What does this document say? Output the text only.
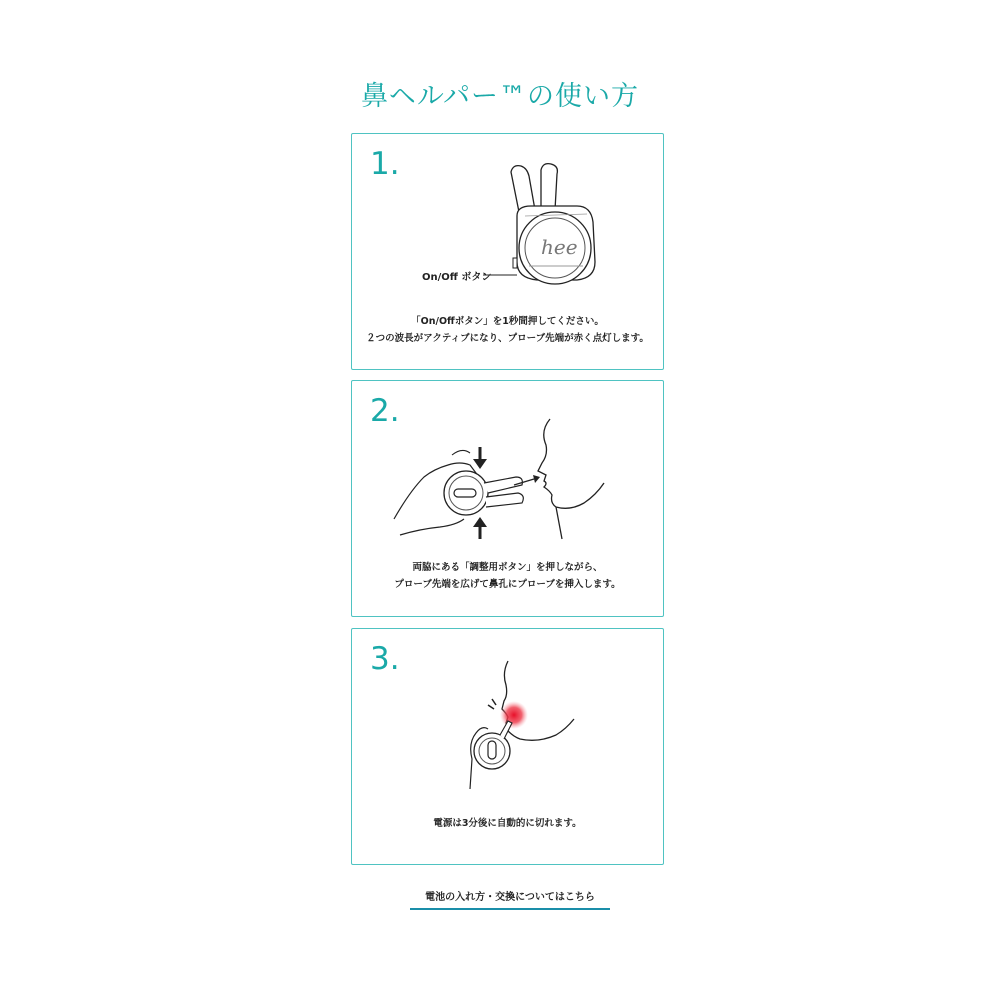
鼻ヘルパー™の使い方
1.
hee
On/Off ボタン
「On/Offボタン」を1秒間押してください。
２つの波長がアクティブになり、プローブ先端が赤く点灯します。
2.
両脇にある「調整用ボタン」を押しながら、
プローブ先端を広げて鼻孔にプローブを挿入します。
3.
電源は3分後に自動的に切れます。
電池の入れ方・交換についてはこちら
